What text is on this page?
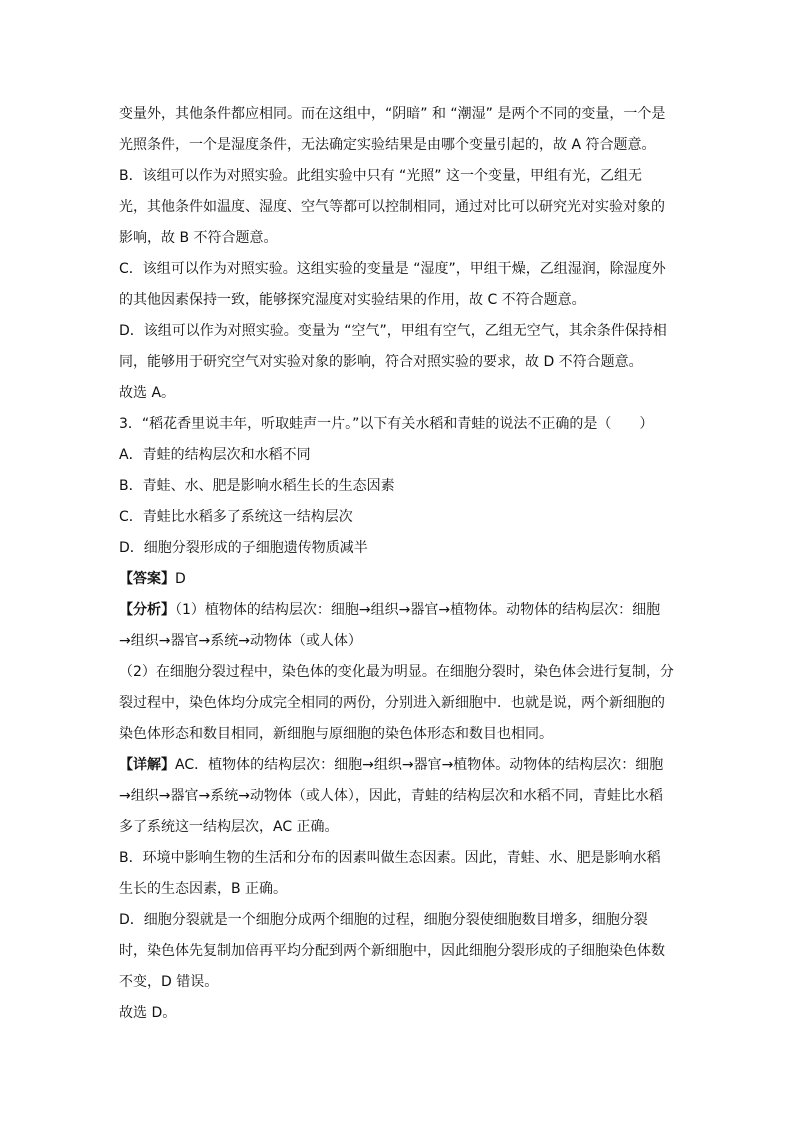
变量外，其他条件都应相同。而在这组中，“阴暗” 和 “潮湿” 是两个不同的变量，一个是
光照条件，一个是湿度条件，无法确定实验结果是由哪个变量引起的，故 A 符合题意。
B．该组可以作为对照实验。此组实验中只有 “光照” 这一个变量，甲组有光，乙组无
光，其他条件如温度、湿度、空气等都可以控制相同，通过对比可以研究光对实验对象的
影响，故 B 不符合题意。
C．该组可以作为对照实验。这组实验的变量是 “湿度”，甲组干燥，乙组湿润，除湿度外
的其他因素保持一致，能够探究湿度对实验结果的作用，故 C 不符合题意。
D．该组可以作为对照实验。变量为 “空气”，甲组有空气，乙组无空气，其余条件保持相
同，能够用于研究空气对实验对象的影响，符合对照实验的要求，故 D 不符合题意。
故选 A。
3．“稻花香里说丰年，听取蛙声一片。”以下有关水稻和青蛙的说法不正确的是（　　）
A．青蛙的结构层次和水稻不同
B．青蛙、水、肥是影响水稻生长的生态因素
C．青蛙比水稻多了系统这一结构层次
D．细胞分裂形成的子细胞遗传物质减半
【答案】D
【分析】（1）植物体的结构层次：细胞→组织→器官→植物体。动物体的结构层次：细胞
→组织→器官→系统→动物体（或人体）
（2）在细胞分裂过程中，染色体的变化最为明显。在细胞分裂时，染色体会进行复制，分
裂过程中，染色体均分成完全相同的两份，分别进入新细胞中．也就是说，两个新细胞的
染色体形态和数目相同，新细胞与原细胞的染色体形态和数目也相同。
【详解】AC．植物体的结构层次：细胞→组织→器官→植物体。动物体的结构层次：细胞
→组织→器官→系统→动物体（或人体），因此，青蛙的结构层次和水稻不同，青蛙比水稻
多了系统这一结构层次，AC 正确。
B．环境中影响生物的生活和分布的因素叫做生态因素。因此，青蛙、水、肥是影响水稻
生长的生态因素，B 正确。
D．细胞分裂就是一个细胞分成两个细胞的过程，细胞分裂使细胞数目增多，细胞分裂
时，染色体先复制加倍再平均分配到两个新细胞中，因此细胞分裂形成的子细胞染色体数
不变，D 错误。
故选 D。
